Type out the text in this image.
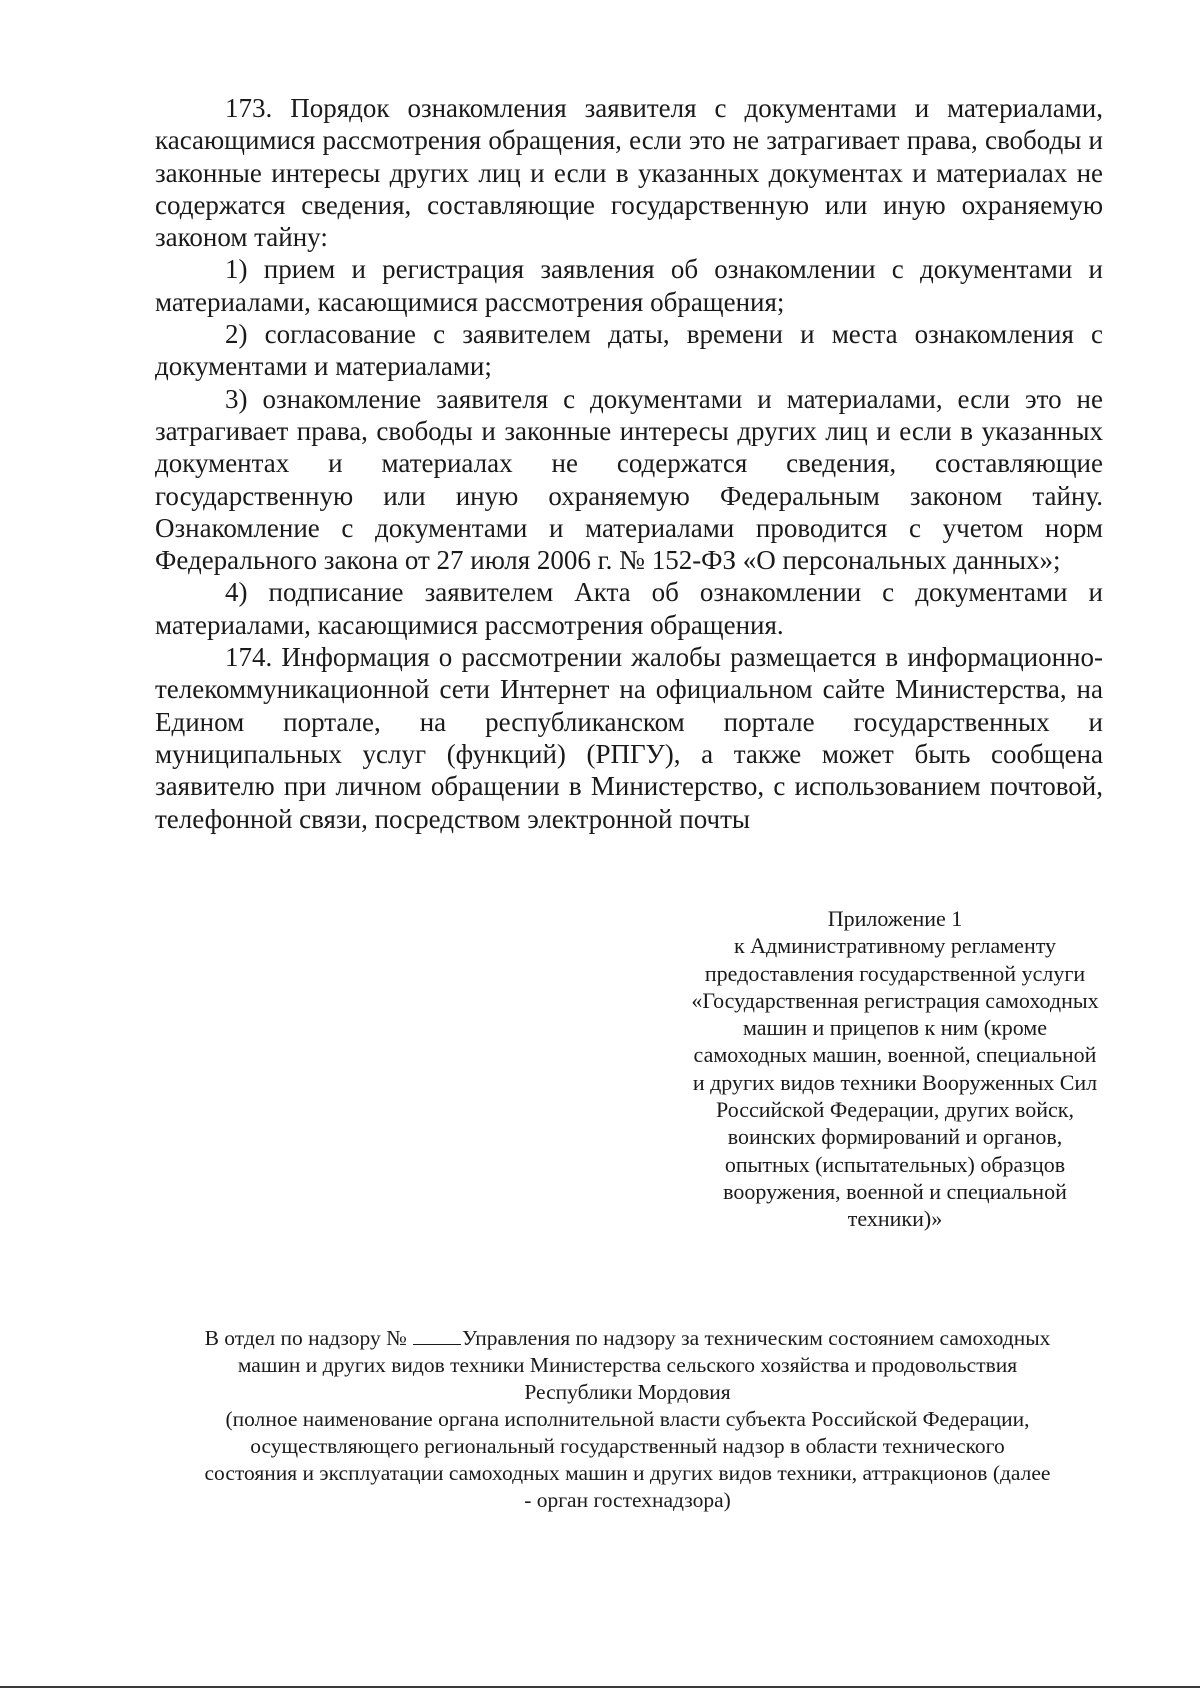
173. Порядок ознакомления заявителя с документами и материалами, касающимися рассмотрения обращения, если это не затрагивает права, свободы и законные интересы других лиц и если в указанных документах и материалах не содержатся сведения, составляющие государственную или иную охраняемую законом тайну:

1) прием и регистрация заявления об ознакомлении с документами и материалами, касающимися рассмотрения обращения;

2) согласование с заявителем даты, времени и места ознакомления с документами и материалами;

3) ознакомление заявителя с документами и материалами, если это не затрагивает права, свободы и законные интересы других лиц и если в указанных документах и материалах не содержатся сведения, составляющие государственную или иную охраняемую Федеральным законом тайну. Ознакомление с документами и материалами проводится с учетом норм Федерального закона от 27 июля 2006 г. № 152-ФЗ «О персональных данных»;

4) подписание заявителем Акта об ознакомлении с документами и материалами, касающимися рассмотрения обращения.

174. Информация о рассмотрении жалобы размещается в информационно-телекоммуникационной сети Интернет на официальном сайте Министерства, на Едином портале, на республиканском портале государственных и муниципальных услуг (функций) (РПГУ), а также может быть сообщена заявителю при личном обращении в Министерство, с использованием почтовой, телефонной связи, посредством электронной почты

Приложение 1
к Административному регламенту
предоставления государственной услуги
«Государственная регистрация самоходных
машин и прицепов к ним (кроме
самоходных машин, военной, специальной
и других видов техники Вооруженных Сил
Российской Федерации, других войск,
воинских формирований и органов,
опытных (испытательных) образцов
вооружения, военной и специальной
техники)»
В отдел по надзору №	Управления по надзору за техническим состоянием самоходных
машин и других видов техники Министерства сельского хозяйства и продовольствия
Республики Мордовия
(полное наименование органа исполнительной власти субъекта Российской Федерации,
осуществляющего региональный государственный надзор в области технического
состояния и эксплуатации самоходных машин и других видов техники, аттракционов (далее
- орган гостехнадзора)
